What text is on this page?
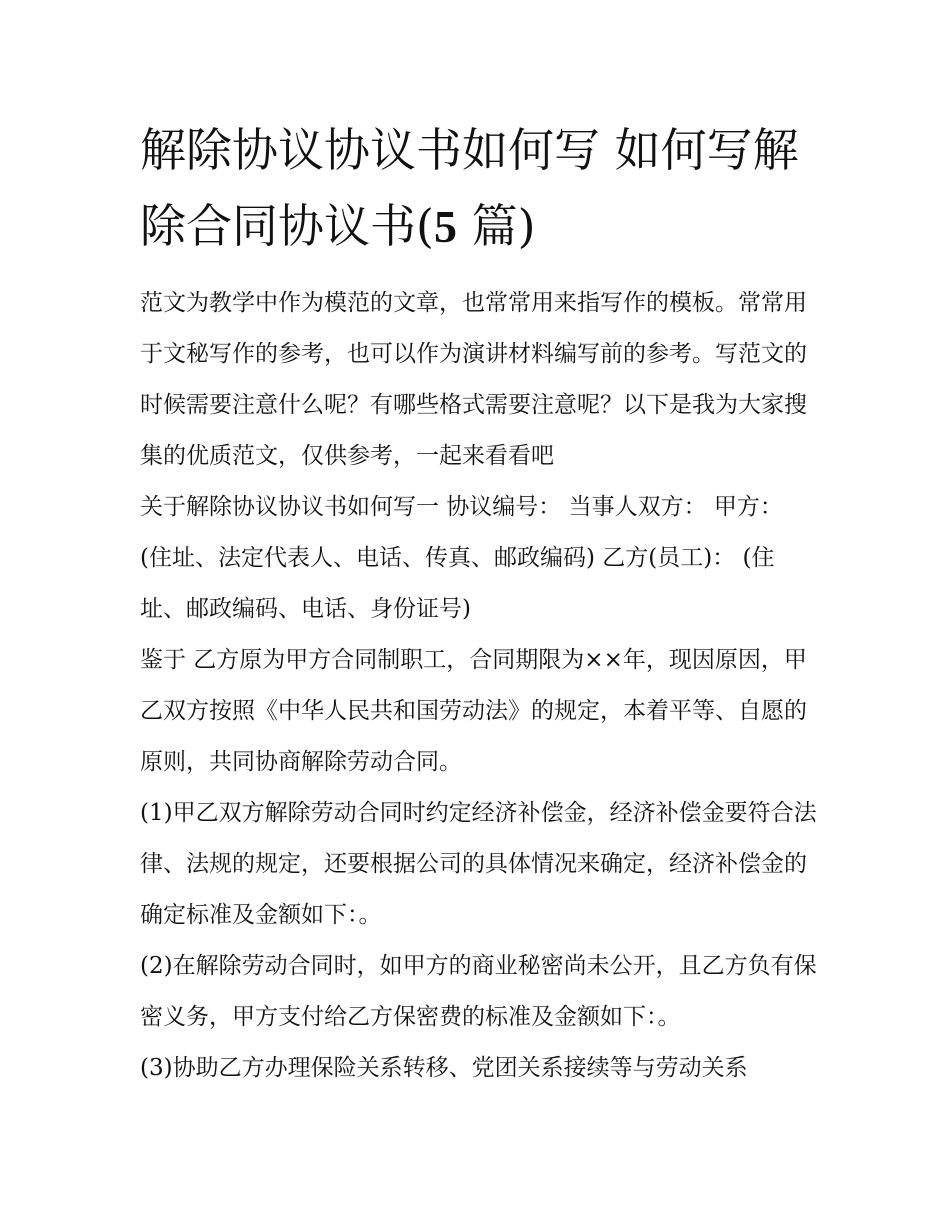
解除协议协议书如何写 如何写解除合同协议书(5 篇)

范文为教学中作为模范的文章，也常常用来指写作的模板。常常用于文秘写作的参考，也可以作为演讲材料编写前的参考。写范文的时候需要注意什么呢？有哪些格式需要注意呢？以下是我为大家搜集的优质范文，仅供参考，一起来看看吧

关于解除协议协议书如何写一 协议编号： 当事人双方： 甲方： (住址、法定代表人、电话、传真、邮政编码) 乙方(员工)： (住址、邮政编码、电话、身份证号)

鉴于 乙方原为甲方合同制职工，合同期限为××年，现因原因，甲乙双方按照《中华人民共和国劳动法》的规定，本着平等、自愿的原则，共同协商解除劳动合同。

(1)甲乙双方解除劳动合同时约定经济补偿金，经济补偿金要符合法律、法规的规定，还要根据公司的具体情况来确定，经济补偿金的确定标准及金额如下：。

(2)在解除劳动合同时，如甲方的商业秘密尚未公开，且乙方负有保密义务，甲方支付给乙方保密费的标准及金额如下：。

(3)协助乙方办理保险关系转移、党团关系接续等与劳动关系
